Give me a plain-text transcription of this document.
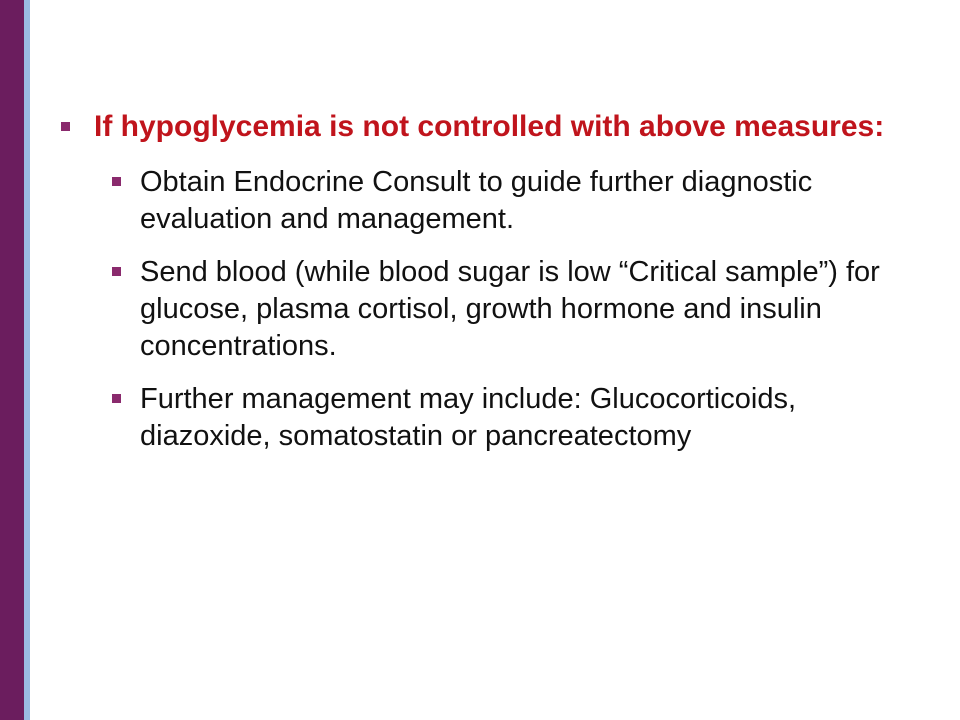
If hypoglycemia is not controlled with above measures:
Obtain Endocrine Consult to guide further diagnostic evaluation and management.
Send blood (while blood sugar is low “Critical sample”) for glucose, plasma cortisol, growth hormone and insulin concentrations.
Further management may include: Glucocorticoids, diazoxide, somatostatin or pancreatectomy
